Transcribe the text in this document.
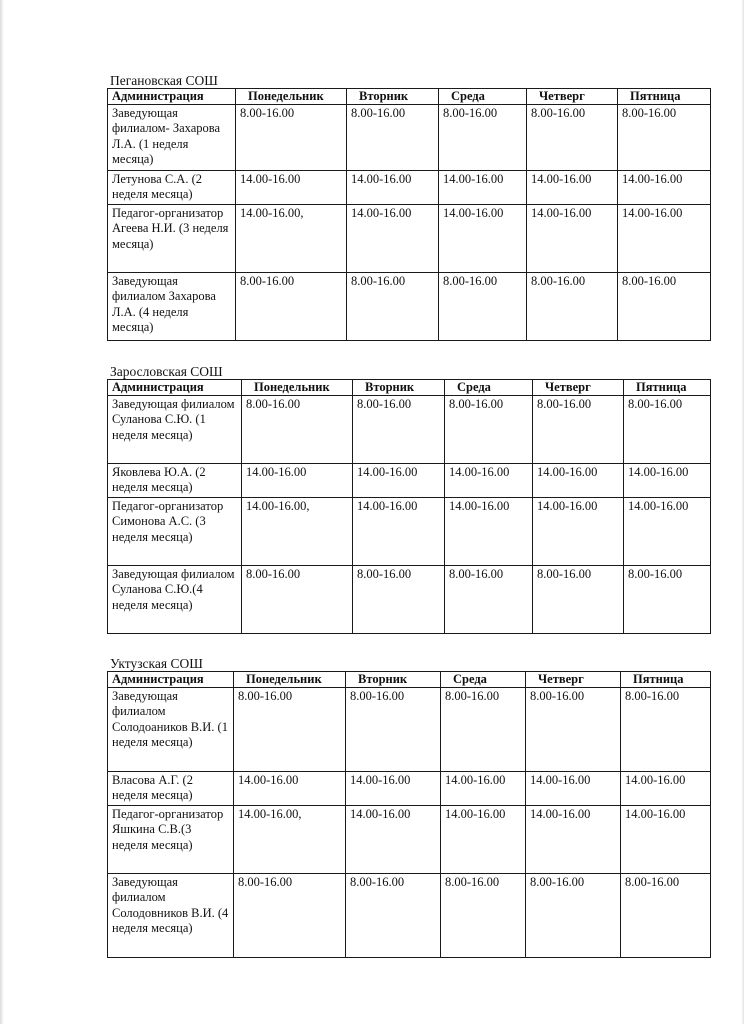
Пегановская СОШ
Администрация	Понедельник	Вторник	Среда	Четверг	Пятница
Заведующая филиалом- Захарова Л.А. (1 неделя месяца)	8.00-16.00	8.00-16.00	8.00-16.00	8.00-16.00	8.00-16.00
Летунова С.А. (2 неделя месяца)	14.00-16.00	14.00-16.00	14.00-16.00	14.00-16.00	14.00-16.00
Педагог-организатор Агеева Н.И. (3 неделя месяца)	14.00-16.00,	14.00-16.00	14.00-16.00	14.00-16.00	14.00-16.00
Заведующая филиалом Захарова Л.А. (4 неделя месяца)	8.00-16.00	8.00-16.00	8.00-16.00	8.00-16.00	8.00-16.00
Зарословская СОШ
Администрация	Понедельник	Вторник	Среда	Четверг	Пятница
Заведующая филиалом Суланова С.Ю. (1 неделя месяца)	8.00-16.00	8.00-16.00	8.00-16.00	8.00-16.00	8.00-16.00
Яковлева Ю.А. (2 неделя месяца)	14.00-16.00	14.00-16.00	14.00-16.00	14.00-16.00	14.00-16.00
Педагог-организатор Симонова А.С. (3 неделя месяца)	14.00-16.00,	14.00-16.00	14.00-16.00	14.00-16.00	14.00-16.00
Заведующая филиалом Суланова С.Ю.(4 неделя месяца)	8.00-16.00	8.00-16.00	8.00-16.00	8.00-16.00	8.00-16.00
Уктузская СОШ
Администрация	Понедельник	Вторник	Среда	Четверг	Пятница
Заведующая филиалом Солодоаников В.И. (1 неделя месяца)	8.00-16.00	8.00-16.00	8.00-16.00	8.00-16.00	8.00-16.00
Власова А.Г. (2 неделя месяца)	14.00-16.00	14.00-16.00	14.00-16.00	14.00-16.00	14.00-16.00
Педагог-организатор Яшкина С.В.(3 неделя месяца)	14.00-16.00,	14.00-16.00	14.00-16.00	14.00-16.00	14.00-16.00
Заведующая филиалом Солодовников В.И. (4 неделя месяца)	8.00-16.00	8.00-16.00	8.00-16.00	8.00-16.00	8.00-16.00
